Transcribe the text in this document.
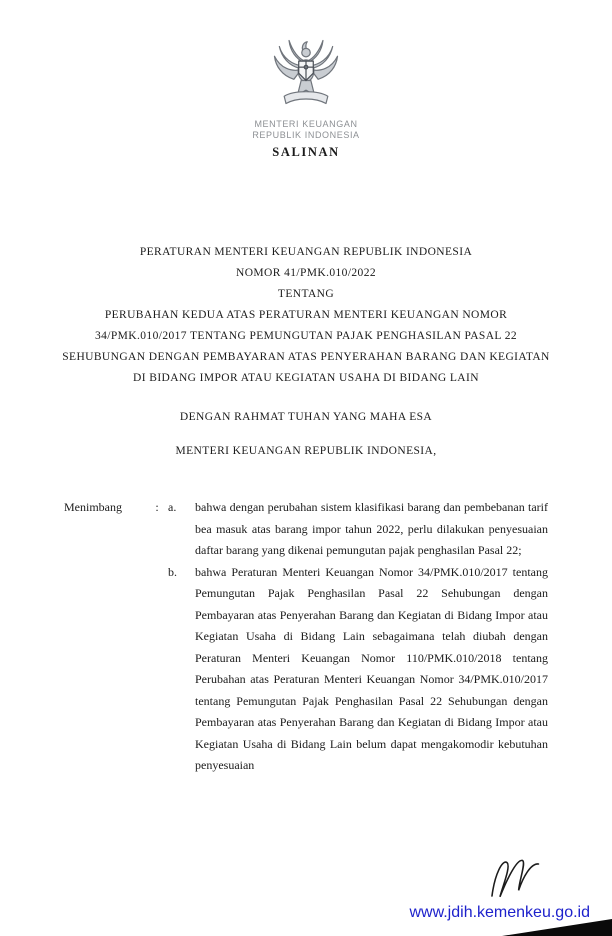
MENTERI KEUANGAN
REPUBLIK INDONESIA
SALINAN
PERATURAN MENTERI KEUANGAN REPUBLIK INDONESIA
NOMOR 41/PMK.010/2022
TENTANG
PERUBAHAN KEDUA ATAS PERATURAN MENTERI KEUANGAN NOMOR 34/PMK.010/2017 TENTANG PEMUNGUTAN PAJAK PENGHASILAN PASAL 22 SEHUBUNGAN DENGAN PEMBAYARAN ATAS PENYERAHAN BARANG DAN KEGIATAN DI BIDANG IMPOR ATAU KEGIATAN USAHA DI BIDANG LAIN
DENGAN RAHMAT TUHAN YANG MAHA ESA
MENTERI KEUANGAN REPUBLIK INDONESIA,
Menimbang	: a.	bahwa dengan perubahan sistem klasifikasi barang dan pembebanan tarif bea masuk atas barang impor tahun 2022, perlu dilakukan penyesuaian daftar barang yang dikenai pemungutan pajak penghasilan Pasal 22;
b.	bahwa Peraturan Menteri Keuangan Nomor 34/PMK.010/2017 tentang Pemungutan Pajak Penghasilan Pasal 22 Sehubungan dengan Pembayaran atas Penyerahan Barang dan Kegiatan di Bidang Impor atau Kegiatan Usaha di Bidang Lain sebagaimana telah diubah dengan Peraturan Menteri Keuangan Nomor 110/PMK.010/2018 tentang Perubahan atas Peraturan Menteri Keuangan Nomor 34/PMK.010/2017 tentang Pemungutan Pajak Penghasilan Pasal 22 Sehubungan dengan Pembayaran atas Penyerahan Barang dan Kegiatan di Bidang Impor atau Kegiatan Usaha di Bidang Lain belum dapat mengakomodir kebutuhan penyesuaian
www.jdih.kemenkeu.go.id
